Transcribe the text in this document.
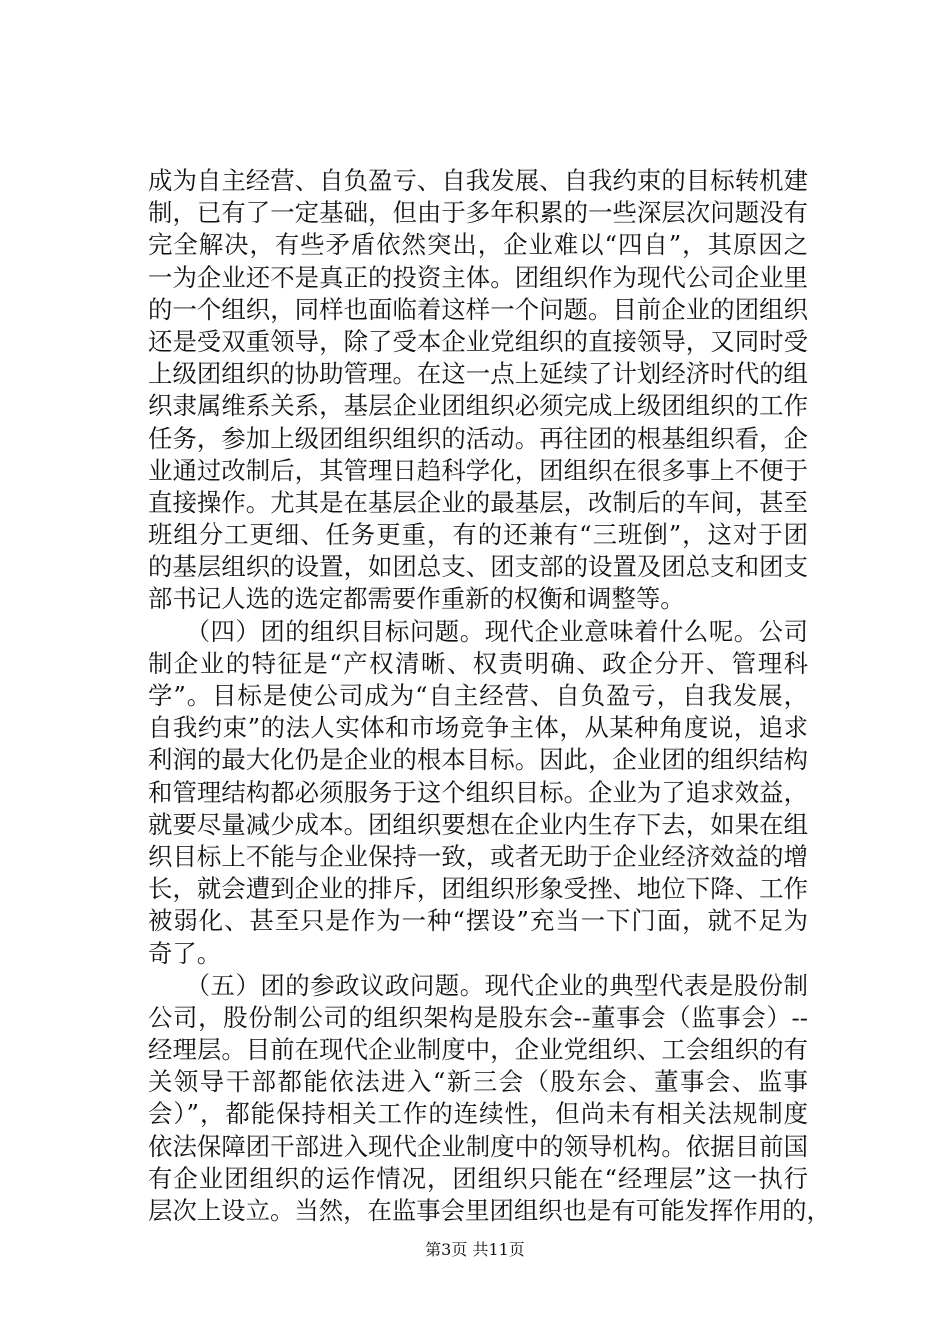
成为自主经营、自负盈亏、自我发展、自我约束的目标转机建
制，已有了一定基础，但由于多年积累的一些深层次问题没有
完全解决，有些矛盾依然突出，企业难以“四自”，其原因之
一为企业还不是真正的投资主体。团组织作为现代公司企业里
的一个组织，同样也面临着这样一个问题。目前企业的团组织
还是受双重领导，除了受本企业党组织的直接领导，又同时受
上级团组织的协助管理。在这一点上延续了计划经济时代的组
织隶属维系关系，基层企业团组织必须完成上级团组织的工作
任务，参加上级团组织组织的活动。再往团的根基组织看，企
业通过改制后，其管理日趋科学化，团组织在很多事上不便于
直接操作。尤其是在基层企业的最基层，改制后的车间，甚至
班组分工更细、任务更重，有的还兼有“三班倒”，这对于团
的基层组织的设置，如团总支、团支部的设置及团总支和团支
部书记人选的选定都需要作重新的权衡和调整等。

　　（四）团的组织目标问题。现代企业意味着什么呢。公司
制企业的特征是“产权清晰、权责明确、政企分开、管理科
学”。目标是使公司成为“自主经营、自负盈亏，自我发展，
自我约束”的法人实体和市场竞争主体，从某种角度说，追求
利润的最大化仍是企业的根本目标。因此，企业团的组织结构
和管理结构都必须服务于这个组织目标。企业为了追求效益，
就要尽量减少成本。团组织要想在企业内生存下去，如果在组
织目标上不能与企业保持一致，或者无助于企业经济效益的增
长，就会遭到企业的排斥，团组织形象受挫、地位下降、工作
被弱化、甚至只是作为一种“摆设”充当一下门面，就不足为
奇了。

　　（五）团的参政议政问题。现代企业的典型代表是股份制
公司，股份制公司的组织架构是股东会--董事会（监事会）--
经理层。目前在现代企业制度中，企业党组织、工会组织的有
关领导干部都能依法进入“新三会（股东会、董事会、监事
会）”，都能保持相关工作的连续性，但尚未有相关法规制度
依法保障团干部进入现代企业制度中的领导机构。依据目前国
有企业团组织的运作情况，团组织只能在“经理层”这一执行
层次上设立。当然，在监事会里团组织也是有可能发挥作用的，

第3页 共11页
